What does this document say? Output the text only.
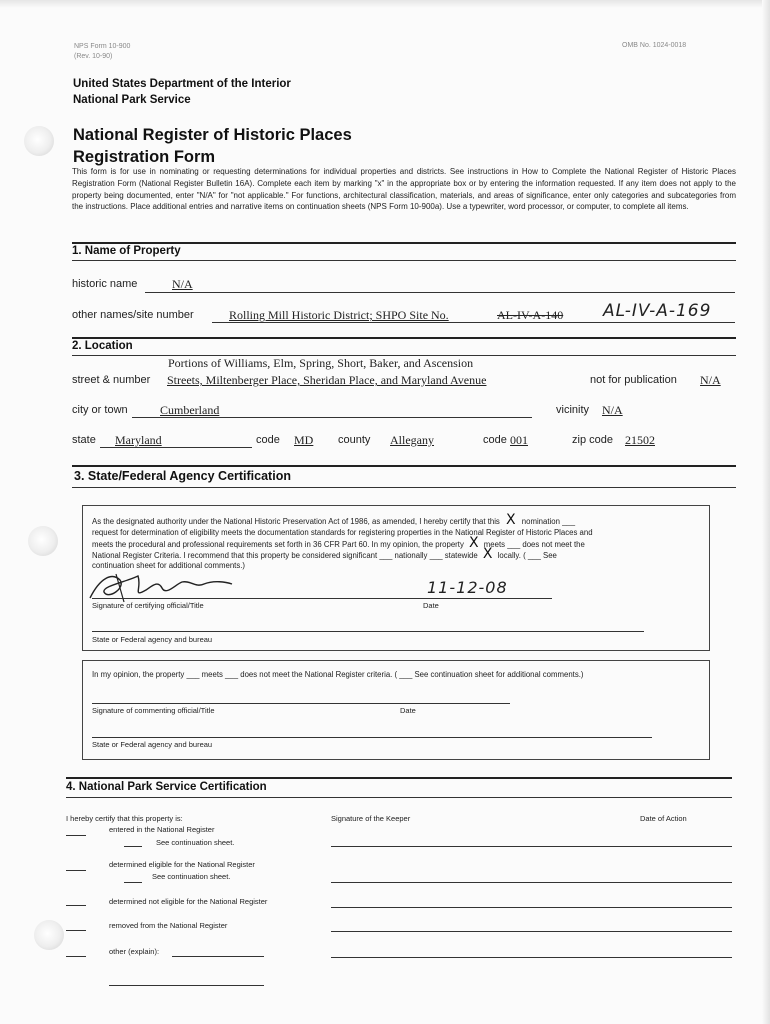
NPS Form 10-900
(Rev. 10-90)
OMB No. 1024-0018
United States Department of the Interior
National Park Service
National Register of Historic Places
Registration Form
This form is for use in nominating or requesting determinations for individual properties and districts. See instructions in How to Complete the National Register of Historic Places Registration Form (National Register Bulletin 16A). Complete each item by marking "x" in the appropriate box or by entering the information requested. If any item does not apply to the property being documented, enter "N/A" for "not applicable." For functions, architectural classification, materials, and areas of significance, enter only categories and subcategories from the instructions. Place additional entries and narrative items on continuation sheets (NPS Form 10-900a). Use a typewriter, word processor, or computer, to complete all items.
1. Name of Property
historic name	N/A
other names/site number	Rolling Mill Historic District; SHPO Site No.	AL-IV-A-140 AL-IV-A-169
2. Location
Portions of Williams, Elm, Spring, Short, Baker, and Ascension
street & number Streets, Miltenberger Place, Sheridan Place, and Maryland Avenue	not for publication N/A
city or town	Cumberland	vicinity N/A
state Maryland	code MD county Allegany	code 001	zip code 21502
3. State/Federal Agency Certification
As the designated authority under the National Historic Preservation Act of 1986, as amended, I hereby certify that this X nomination ___
request for determination of eligibility meets the documentation standards for registering properties in the National Register of Historic Places and
meets the procedural and professional requirements set forth in 36 CFR Part 60. In my opinion, the property X meets ___ does not meet the
National Register Criteria. I recommend that this property be considered significant ___ nationally ___ statewide X locally. ( ___ See
continuation sheet for additional comments.)
11-12-08
Signature of certifying official/Title	Date
State or Federal agency and bureau
In my opinion, the property ___ meets ___ does not meet the National Register criteria. ( ___ See continuation sheet for additional comments.)
Signature of commenting official/Title	Date
State or Federal agency and bureau
4. National Park Service Certification
I hereby certify that this property is:	Signature of the Keeper	Date of Action
entered in the National Register
See continuation sheet.
determined eligible for the National Register
See continuation sheet.
determined not eligible for the National Register
removed from the National Register
other (explain):
